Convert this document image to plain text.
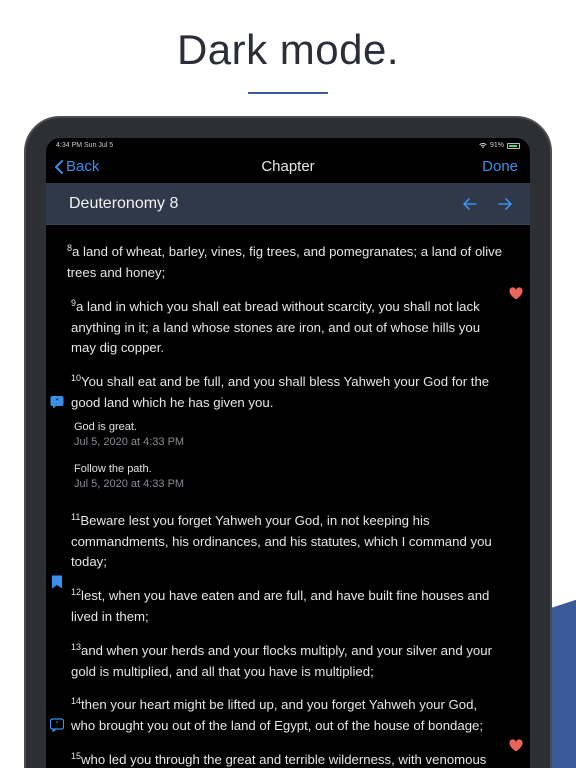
Dark mode.
4:34 PM Sun Jul 5	91%
Back	Chapter	Done
Deuteronomy 8
$^8$a land of wheat, barley, vines, fig trees, and pomegranates; a land of olive trees and honey;
$^9$a land in which you shall eat bread without scarcity, you shall not lack anything in it; a land whose stones are iron, and out of whose hills you may dig copper.
$^{10}$You shall eat and be full, and you shall bless Yahweh your God for the good land which he has given you.
”
God is great.
Jul 5, 2020 at 4:33 PM
Follow the path.
Jul 5, 2020 at 4:33 PM
$^{11}$Beware lest you forget Yahweh your God, in not keeping his commandments, his ordinances, and his statutes, which I command you today;
$^{12}$lest, when you have eaten and are full, and have built fine houses and lived in them;
$^{13}$and when your herds and your flocks multiply, and your silver and your gold is multiplied, and all that you have is multiplied;
$^{14}$then your heart might be lifted up, and you forget Yahweh your God, who brought you out of the land of Egypt, out of the house of bondage;
”
$^{15}$who led you through the great and terrible wilderness, with venomous
